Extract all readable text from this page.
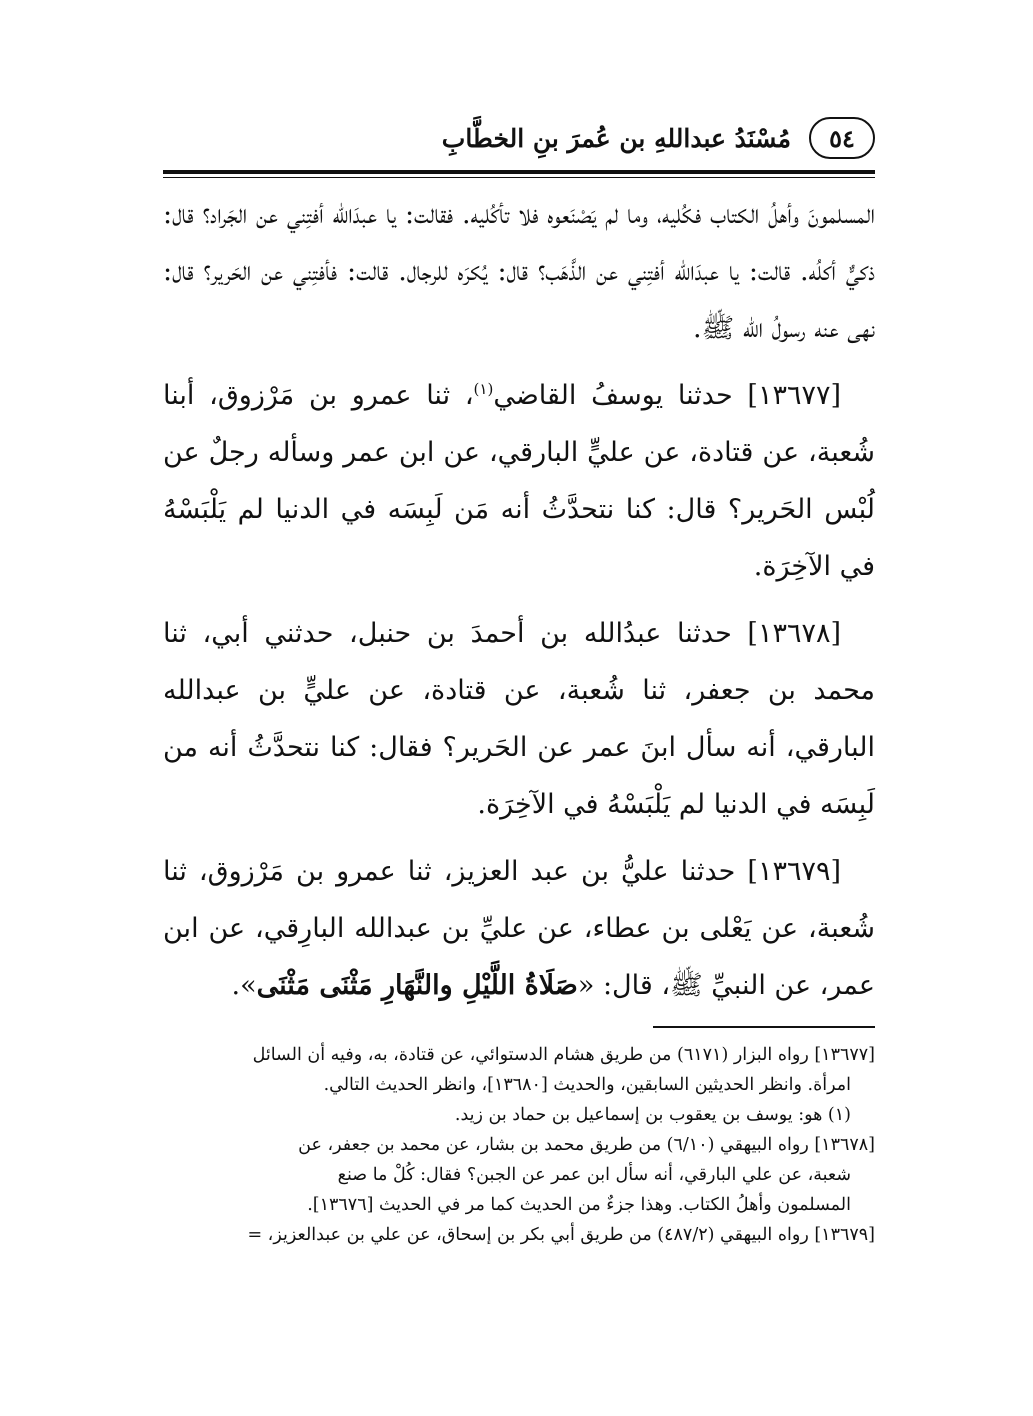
٥٤
مُسْنَدُ عبداللهِ بن عُمرَ بنِ الخطَّابِ

المسلمونَ وأهلُ الكتاب فكُليه، وما لم يَصْنَعوه فلا تأكُليه. فقالت: يا عبدَالله أفتِني عن الجَراد؟ قال: ذكيٌّ أكلُه. قالت: يا عبدَالله أفتِني عن الذَّهَب؟ قال: يُكرَه للرجال. قالت: فأفتِني عن الحَرير؟ قال: نهى عنه رسولُ الله ﷺ.

[١٣٦٧٧] حدثنا يوسفُ القاضي$^{(١)}$، ثنا عمرو بن مَرْزوق، أبنا شُعبة، عن قتادة، عن عليٍّ البارقي، عن ابن عمر وسأله رجلٌ عن لُبْس الحَرير؟ قال: كنا نتحدَّثُ أنه مَن لَبِسَه في الدنيا لم يَلْبَسْهُ في الآخِرَة.

[١٣٦٧٨] حدثنا عبدُالله بن أحمدَ بن حنبل، حدثني أبي، ثنا محمد بن جعفر، ثنا شُعبة، عن قتادة، عن عليٍّ بن عبدالله البارقي، أنه سأل ابنَ عمر عن الحَرير؟ فقال: كنا نتحدَّثُ أنه من لَبِسَه في الدنيا لم يَلْبَسْهُ في الآخِرَة.

[١٣٦٧٩] حدثنا عليُّ بن عبد العزيز، ثنا عمرو بن مَرْزوق، ثنا شُعبة، عن يَعْلى بن عطاء، عن عليِّ بن عبدالله البارِقي، عن ابن عمر، عن النبيِّ ﷺ، قال: «صَلَاةُ اللَّيْلِ والنَّهَارِ مَثْنَى مَثْنَى».

[١٣٦٧٧] رواه البزار (٦١٧١) من طريق هشام الدستوائي، عن قتادة، به، وفيه أن السائل

امرأة. وانظر الحديثين السابقين، والحديث [١٣٦٨٠]، وانظر الحديث التالي.

(١) هو: يوسف بن يعقوب بن إسماعيل بن حماد بن زيد.

[١٣٦٧٨] رواه البيهقي (٦/١٠) من طريق محمد بن بشار، عن محمد بن جعفر، عن

شعبة، عن علي البارقي، أنه سأل ابن عمر عن الجبن؟ فقال: كُلْ ما صنع

المسلمون وأهلُ الكتاب. وهذا جزءٌ من الحديث كما مر في الحديث [١٣٦٧٦].

[١٣٦٧٩] رواه البيهقي (٤٨٧/٢) من طريق أبي بكر بن إسحاق، عن علي بن عبدالعزيز، =
